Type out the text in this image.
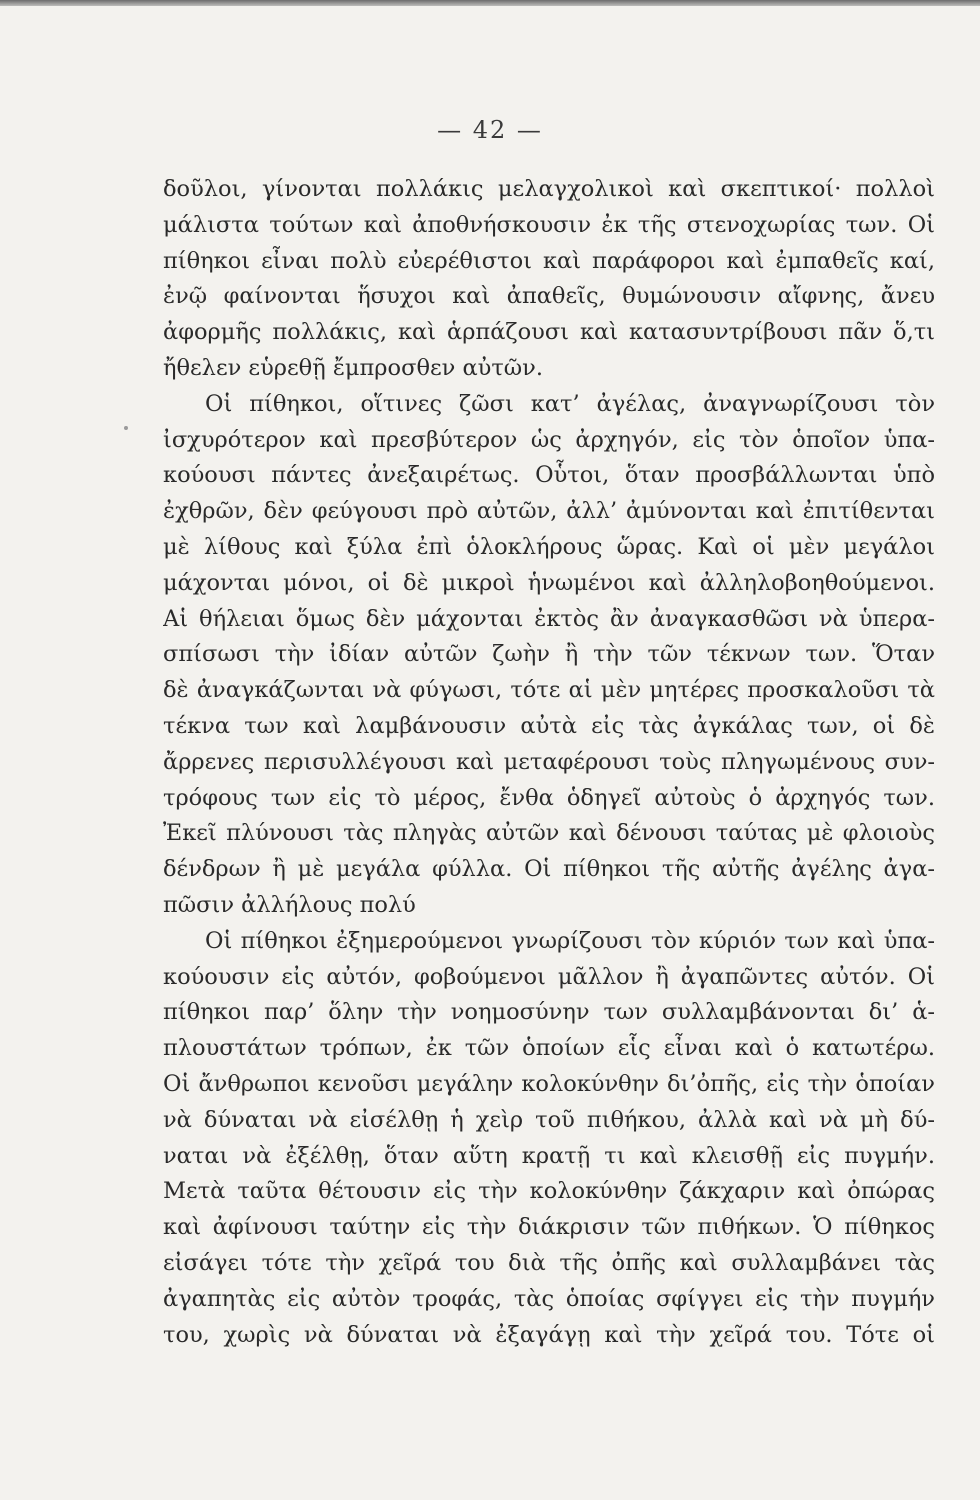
— 42 —
δοῦλοι, γίνονται πολλάκις μελαγχολικοὶ καὶ σκεπτικοί· πολλοὶ
μάλιστα τούτων καὶ ἀποθνήσκουσιν ἐκ τῆς στενοχωρίας των. Οἱ
πίθηκοι εἶναι πολὺ εὐερέθιστοι καὶ παράφοροι καὶ ἐμπαθεῖς καί,
ἐνῷ φαίνονται ἥσυχοι καὶ ἀπαθεῖς, θυμώνουσιν αἴφνης, ἄνευ
ἀφορμῆς πολλάκις, καὶ ἁρπάζουσι καὶ κατασυντρίβουσι πᾶν ὅ,τι
ἤθελεν εὑρεθῇ ἔμπροσθεν αὐτῶν.
Οἱ πίθηκοι, οἵτινες ζῶσι κατ’ ἀγέλας, ἀναγνωρίζουσι τὸν
ἰσχυρότερον καὶ πρεσβύτερον ὡς ἀρχηγόν, εἰς τὸν ὁποῖον ὑπα-
κούουσι πάντες ἀνεξαιρέτως. Οὗτοι, ὅταν προσβάλλωνται ὑπὸ
ἐχθρῶν, δὲν φεύγουσι πρὸ αὐτῶν, ἀλλ’ ἀμύνονται καὶ ἐπιτίθενται
μὲ λίθους καὶ ξύλα ἐπὶ ὁλοκλήρους ὥρας. Καὶ οἱ μὲν μεγάλοι
μάχονται μόνοι, οἱ δὲ μικροὶ ἡνωμένοι καὶ ἀλληλοβοηθούμενοι.
Αἱ θήλειαι ὅμως δὲν μάχονται ἐκτὸς ἂν ἀναγκασθῶσι νὰ ὑπερα-
σπίσωσι τὴν ἰδίαν αὐτῶν ζωὴν ἢ τὴν τῶν τέκνων των. Ὅταν
δὲ ἀναγκάζωνται νὰ φύγωσι, τότε αἱ μὲν μητέρες προσκαλοῦσι τὰ
τέκνα των καὶ λαμβάνουσιν αὐτὰ εἰς τὰς ἀγκάλας των, οἱ δὲ
ἄρρενες περισυλλέγουσι καὶ μεταφέρουσι τοὺς πληγωμένους συν-
τρόφους των εἰς τὸ μέρος, ἔνθα ὁδηγεῖ αὐτοὺς ὁ ἀρχηγός των.
Ἐκεῖ πλύνουσι τὰς πληγὰς αὐτῶν καὶ δένουσι ταύτας μὲ φλοιοὺς
δένδρων ἢ μὲ μεγάλα φύλλα. Οἱ πίθηκοι τῆς αὐτῆς ἀγέλης ἀγα-
πῶσιν ἀλλήλους πολύ
Οἱ πίθηκοι ἐξημερούμενοι γνωρίζουσι τὸν κύριόν των καὶ ὑπα-
κούουσιν εἰς αὐτόν, φοβούμενοι μᾶλλον ἢ ἀγαπῶντες αὐτόν. Οἱ
πίθηκοι παρ’ ὅλην τὴν νοημοσύνην των συλλαμβάνονται δι’ ἁ-
πλουστάτων τρόπων, ἐκ τῶν ὁποίων εἷς εἶναι καὶ ὁ κατωτέρω.
Οἱ ἄνθρωποι κενοῦσι μεγάλην κολοκύνθην δι’ὀπῆς, εἰς τὴν ὁποίαν
νὰ δύναται νὰ εἰσέλθῃ ἡ χεὶρ τοῦ πιθήκου, ἀλλὰ καὶ νὰ μὴ δύ-
ναται νὰ ἐξέλθῃ, ὅταν αὕτη κρατῇ τι καὶ κλεισθῇ εἰς πυγμήν.
Μετὰ ταῦτα θέτουσιν εἰς τὴν κολοκύνθην ζάκχαριν καὶ ὀπώρας
καὶ ἀφίνουσι ταύτην εἰς τὴν διάκρισιν τῶν πιθήκων. Ὁ πίθηκος
εἰσάγει τότε τὴν χεῖρά του διὰ τῆς ὀπῆς καὶ συλλαμβάνει τὰς
ἀγαπητὰς εἰς αὐτὸν τροφάς, τὰς ὁποίας σφίγγει εἰς τὴν πυγμήν
του, χωρὶς νὰ δύναται νὰ ἐξαγάγῃ καὶ τὴν χεῖρά του. Τότε οἱ
